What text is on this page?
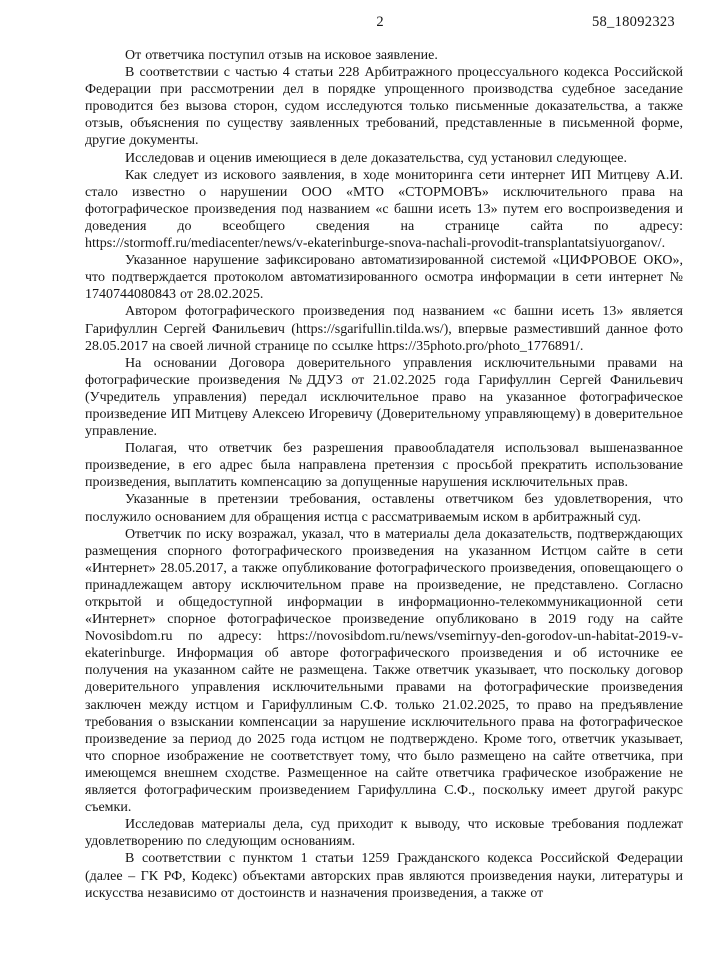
2	58_18092323

От ответчика поступил отзыв на исковое заявление.

В соответствии с частью 4 статьи 228 Арбитражного процессуального кодекса Российской Федерации при рассмотрении дел в порядке упрощенного производства судебное заседание проводится без вызова сторон, судом исследуются только письменные доказательства, а также отзыв, объяснения по существу заявленных требований, представленные в письменной форме, другие документы.

Исследовав и оценив имеющиеся в деле доказательства, суд установил следующее.

Как следует из искового заявления, в ходе мониторинга сети интернет ИП Митцеву А.И. стало известно о нарушении ООО «МТО «СТОРМОВЪ» исключительного права на фотографическое произведения под названием «с башни исеть 13» путем его воспроизведения и доведения до всеобщего сведения на странице сайта по адресу: https://stormoff.ru/mediacenter/news/v-ekaterinburge-snova-nachali-provodit-transplantatsiyuorganov/.

Указанное нарушение зафиксировано автоматизированной системой «ЦИФРОВОЕ ОКО», что подтверждается протоколом автоматизированного осмотра информации в сети интернет № 1740744080843 от 28.02.2025.

Автором фотографического произведения под названием «с башни исеть 13» является Гарифуллин Сергей Фанильевич (https://sgarifullin.tilda.ws/), впервые разместивший данное фото 28.05.2017 на своей личной странице по ссылке https://35photo.pro/photo_1776891/.

На основании Договора доверительного управления исключительными правами на фотографические произведения №ДДУ3 от 21.02.2025 года Гарифуллин Сергей Фанильевич (Учредитель управления) передал исключительное право на указанное фотографическое произведение ИП Митцеву Алексею Игоревичу (Доверительному управляющему) в доверительное управление.

Полагая, что ответчик без разрешения правообладателя использовал вышеназванное произведение, в его адрес была направлена претензия с просьбой прекратить использование произведения, выплатить компенсацию за допущенные нарушения исключительных прав.

Указанные в претензии требования, оставлены ответчиком без удовлетворения, что послужило основанием для обращения истца с рассматриваемым иском в арбитражный суд.

Ответчик по иску возражал, указал, что в материалы дела доказательств, подтверждающих размещения спорного фотографического произведения на указанном Истцом сайте в сети «Интернет» 28.05.2017, а также опубликование фотографического произведения, оповещающего о принадлежащем автору исключительном праве на произведение, не представлено. Согласно открытой и общедоступной информации в информационно-телекоммуникационной сети «Интернет» спорное фотографическое произведение опубликовано в 2019 году на сайте Novosibdom.ru по адресу: https://novosibdom.ru/news/vsemirnyy-den-gorodov-un-habitat-2019-v-ekaterinburge. Информация об авторе фотографического произведения и об источнике ее получения на указанном сайте не размещена. Также ответчик указывает, что поскольку договор доверительного управления исключительными правами на фотографические произведения заключен между истцом и Гарифуллиным С.Ф. только 21.02.2025, то право на предъявление требования о взыскании компенсации за нарушение исключительного права на фотографическое произведение за период до 2025 года истцом не подтверждено. Кроме того, ответчик указывает, что спорное изображение не соответствует тому, что было размещено на сайте ответчика, при имеющемся внешнем сходстве. Размещенное на сайте ответчика графическое изображение не является фотографическим произведением Гарифуллина С.Ф., поскольку имеет другой ракурс съемки.

Исследовав материалы дела, суд приходит к выводу, что исковые требования подлежат удовлетворению по следующим основаниям.

В соответствии с пунктом 1 статьи 1259 Гражданского кодекса Российской Федерации (далее – ГК РФ, Кодекс) объектами авторских прав являются произведения науки, литературы и искусства независимо от достоинств и назначения произведения, а также от
